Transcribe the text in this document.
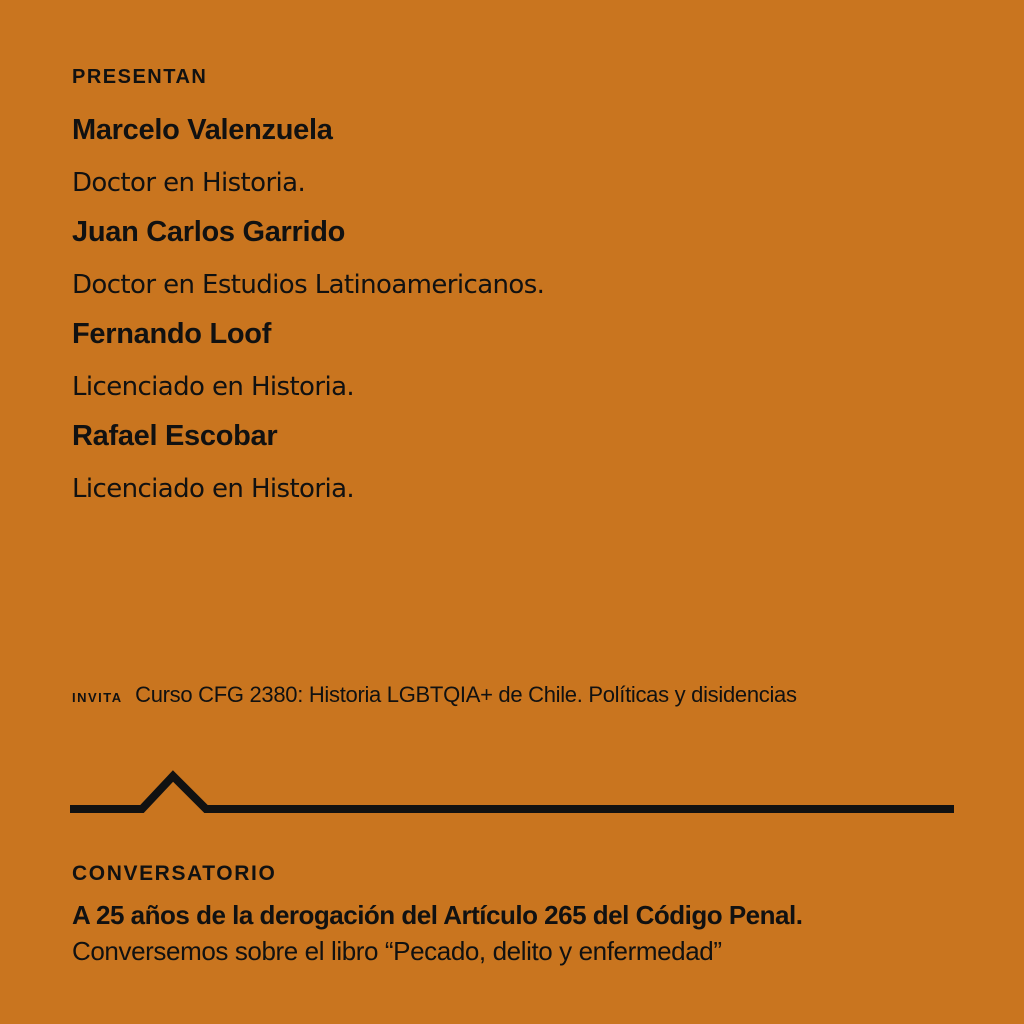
PRESENTAN

Marcelo Valenzuela

Doctor en Historia.

Juan Carlos Garrido

Doctor en Estudios Latinoamericanos.

Fernando Loof

Licenciado en Historia.

Rafael Escobar

Licenciado en Historia.

INVITA Curso CFG 2380: Historia LGBTQIA+ de Chile. Políticas y disidencias

CONVERSATORIO

A 25 años de la derogación del Artículo 265 del Código Penal.

Conversemos sobre el libro “Pecado, delito y enfermedad”
